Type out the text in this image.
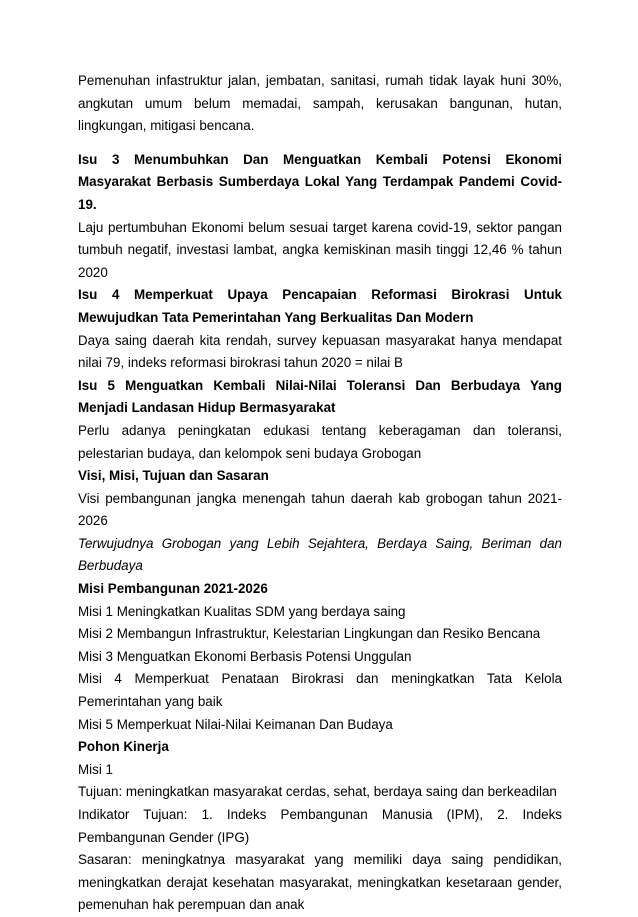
Pemenuhan infastruktur jalan, jembatan, sanitasi, rumah tidak layak huni 30%, angkutan umum belum memadai, sampah, kerusakan bangunan, hutan, lingkungan, mitigasi bencana.

Isu 3 Menumbuhkan Dan Menguatkan Kembali Potensi Ekonomi Masyarakat Berbasis Sumberdaya Lokal Yang Terdampak Pandemi Covid-19.

Laju pertumbuhan Ekonomi belum sesuai target karena covid-19, sektor pangan tumbuh negatif, investasi lambat, angka kemiskinan masih tinggi 12,46 % tahun 2020

Isu 4 Memperkuat Upaya Pencapaian Reformasi Birokrasi Untuk Mewujudkan Tata Pemerintahan Yang Berkualitas Dan Modern

Daya saing daerah kita rendah, survey kepuasan masyarakat hanya mendapat nilai 79, indeks reformasi birokrasi tahun 2020 = nilai B

Isu 5 Menguatkan Kembali Nilai-Nilai Toleransi Dan Berbudaya Yang Menjadi Landasan Hidup Bermasyarakat

Perlu adanya peningkatan edukasi tentang keberagaman dan toleransi, pelestarian budaya, dan kelompok seni budaya Grobogan

Visi, Misi, Tujuan dan Sasaran

Visi pembangunan jangka menengah tahun daerah kab grobogan tahun 2021-2026

Terwujudnya Grobogan yang Lebih Sejahtera, Berdaya Saing, Beriman dan Berbudaya

Misi Pembangunan 2021-2026

Misi 1 Meningkatkan Kualitas SDM yang berdaya saing

Misi 2 Membangun Infrastruktur, Kelestarian Lingkungan dan Resiko Bencana

Misi 3 Menguatkan Ekonomi Berbasis Potensi Unggulan

Misi 4 Memperkuat Penataan Birokrasi dan meningkatkan Tata Kelola Pemerintahan yang baik

Misi 5 Memperkuat Nilai-Nilai Keimanan Dan Budaya

Pohon Kinerja

Misi 1

Tujuan: meningkatkan masyarakat cerdas, sehat, berdaya saing dan berkeadilan

Indikator Tujuan: 1. Indeks Pembangunan Manusia (IPM), 2. Indeks Pembangunan Gender (IPG)

Sasaran: meningkatnya masyarakat yang memiliki daya saing pendidikan, meningkatkan derajat kesehatan masyarakat, meningkatkan kesetaraan gender, pemenuhan hak perempuan dan anak
